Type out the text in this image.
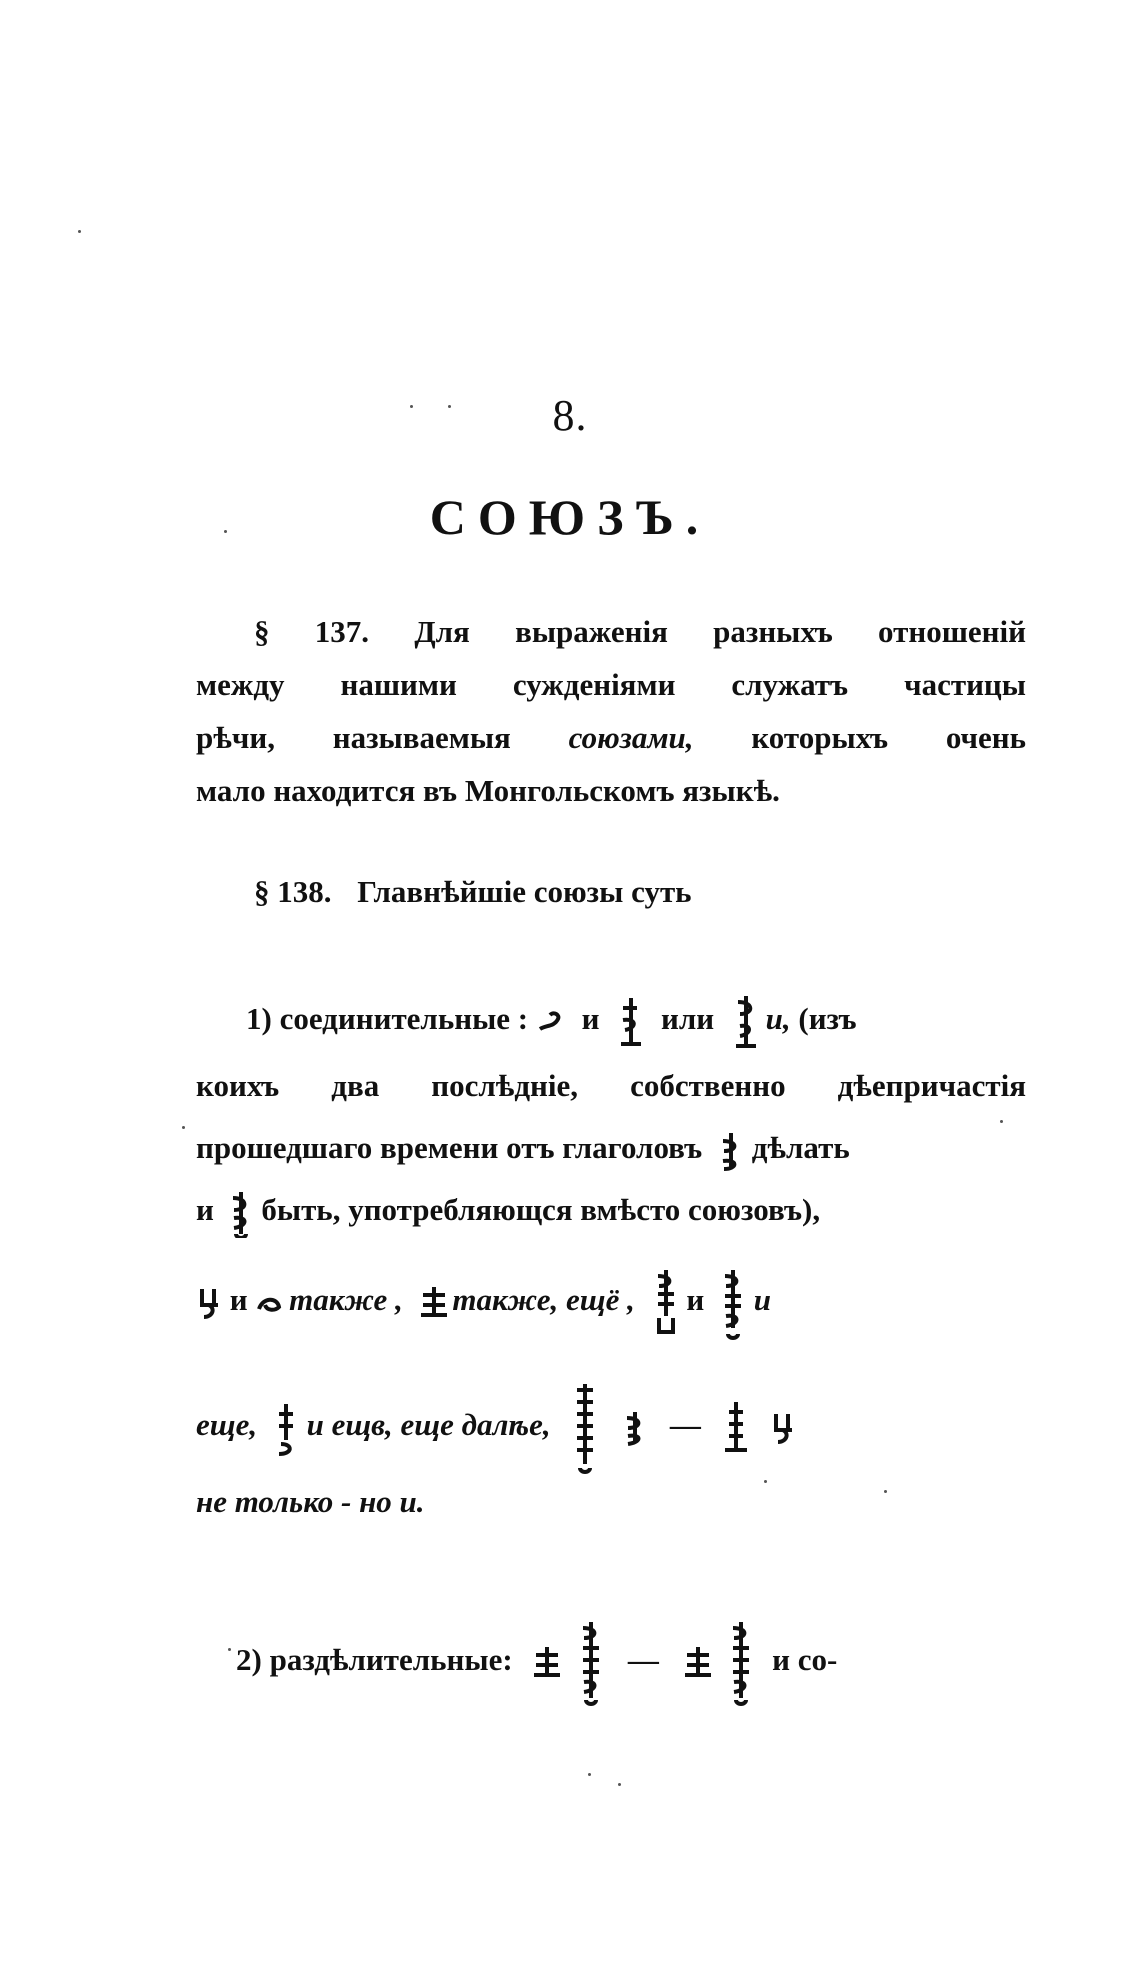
8.
СОЮЗЪ.
§ 137. Для выраженія разныхъ отношеній
между нашими сужденіями служатъ частицы
рѣчи, называемыя союзами, которыхъ очень
мало находится въ Монгольскомъ языкѣ.
§ 138. Главнѣйшіе союзы суть
1) соединительные : и или и, (изъ
коихъ два послѣдніе, собственно дѣепричастія
прошедшаго времени отъ глаголовъ дѣлать
и быть, употребляющся вмѣсто союзовъ),
и также , также, ещё , и и
еще, и ещв, еще далѣе,
	—

не только - но и.
2) раздѣлительные:
	—
	и со-
